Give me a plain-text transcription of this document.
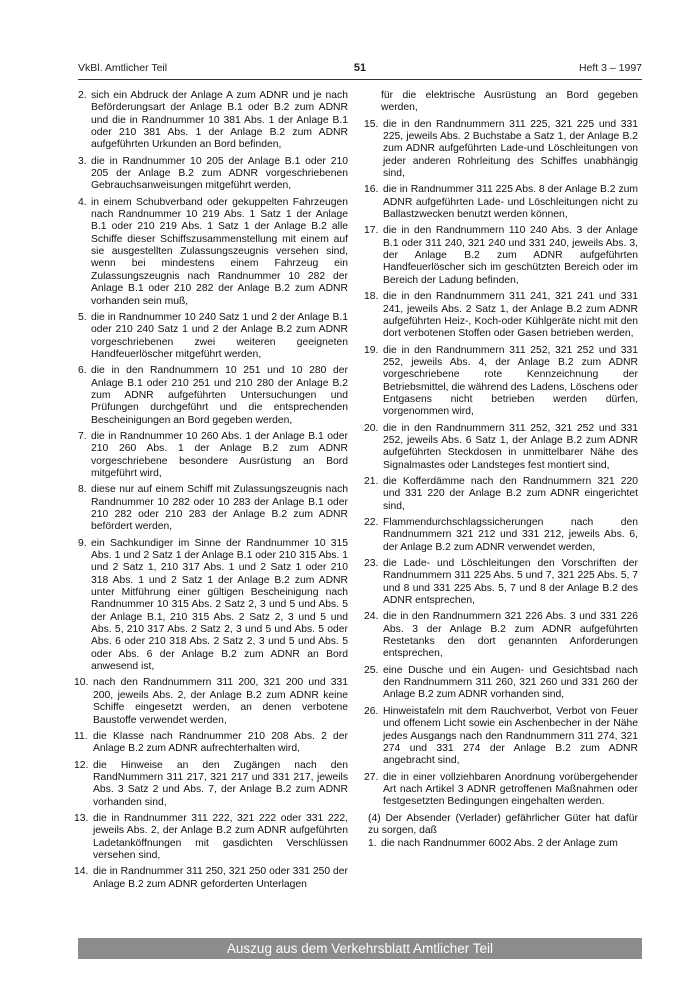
VkBl. Amtlicher Teil	51	Heft 3 – 1997
2. sich ein Abdruck der Anlage A zum ADNR und je nach Beförderungsart der Anlage B.1 oder B.2 zum ADNR und die in Randnummer 10 381 Abs. 1 der Anlage B.1 oder 210 381 Abs. 1 der Anlage B.2 zum ADNR aufgeführten Urkunden an Bord befinden,
3. die in Randnummer 10 205 der Anlage B.1 oder 210 205 der Anlage B.2 zum ADNR vorgeschriebenen Gebrauchsanweisungen mitgeführt werden,
4. in einem Schubverband oder gekuppelten Fahrzeugen nach Randnummer 10 219 Abs. 1 Satz 1 der Anlage B.1 oder 210 219 Abs. 1 Satz 1 der Anlage B.2 alle Schiffe dieser Schiffszusammenstellung mit einem auf sie ausgestellten Zulassungszeugnis versehen sind, wenn bei mindestens einem Fahrzeug ein Zulassungszeugnis nach Randnummer 10 282 der Anlage B.1 oder 210 282 der Anlage B.2 zum ADNR vorhanden sein muß,
5. die in Randnummer 10 240 Satz 1 und 2 der Anlage B.1 oder 210 240 Satz 1 und 2 der Anlage B.2 zum ADNR vorgeschriebenen zwei weiteren geeigneten Handfeuerlöscher mitgeführt werden,
6. die in den Randnummern 10 251 und 10 280 der Anlage B.1 oder 210 251 und 210 280 der Anlage B.2 zum ADNR aufgeführten Untersuchungen und Prüfungen durchgeführt und die entsprechenden Bescheinigungen an Bord gegeben werden,
7. die in Randnummer 10 260 Abs. 1 der Anlage B.1 oder 210 260 Abs. 1 der Anlage B.2 zum ADNR vorgeschriebene besondere Ausrüstung an Bord mitgeführt wird,
8. diese nur auf einem Schiff mit Zulassungszeugnis nach Randnummer 10 282 oder 10 283 der Anlage B.1 oder 210 282 oder 210 283 der Anlage B.2 zum ADNR befördert werden,
9. ein Sachkundiger im Sinne der Randnummer 10 315 Abs. 1 und 2 Satz 1 der Anlage B.1 oder 210 315 Abs. 1 und 2 Satz 1, 210 317 Abs. 1 und 2 Satz 1 oder 210 318 Abs. 1 und 2 Satz 1 der Anlage B.2 zum ADNR unter Mitführung einer gültigen Bescheinigung nach Randnummer 10 315 Abs. 2 Satz 2, 3 und 5 und Abs. 5 der Anlage B.1, 210 315 Abs. 2 Satz 2, 3 und 5 und Abs. 5, 210 317 Abs. 2 Satz 2, 3 und 5 und Abs. 5 oder Abs. 6 oder 210 318 Abs. 2 Satz 2, 3 und 5 und Abs. 5 oder Abs. 6 der Anlage B.2 zum ADNR an Bord anwesend ist,
10. nach den Randnummern 311 200, 321 200 und 331 200, jeweils Abs. 2, der Anlage B.2 zum ADNR keine Schiffe eingesetzt werden, an denen verbotene Baustoffe verwendet werden,
11. die Klasse nach Randnummer 210 208 Abs. 2 der Anlage B.2 zum ADNR aufrechterhalten wird,
12. die Hinweise an den Zugängen nach den RandNummern 311 217, 321 217 und 331 217, jeweils Abs. 3 Satz 2 und Abs. 7, der Anlage B.2 zum ADNR vorhanden sind,
13. die in Randnummer 311 222, 321 222 oder 331 222, jeweils Abs. 2, der Anlage B.2 zum ADNR aufgeführten Ladetanköffnungen mit gasdichten Verschlüssen versehen sind,
14. die in Randnummer 311 250, 321 250 oder 331 250 der Anlage B.2 zum ADNR geforderten Unterlagen
für die elektrische Ausrüstung an Bord gegeben werden,
15. die in den Randnummern 311 225, 321 225 und 331 225, jeweils Abs. 2 Buchstabe a Satz 1, der Anlage B.2 zum ADNR aufgeführten Lade-und Löschleitungen von jeder anderen Rohrleitung des Schiffes unabhängig sind,
16. die in Randnummer 311 225 Abs. 8 der Anlage B.2 zum ADNR aufgeführten Lade- und Löschleitungen nicht zu Ballastzwecken benutzt werden können,
17. die in den Randnummern 110 240 Abs. 3 der Anlage B.1 oder 311 240, 321 240 und 331 240, jeweils Abs. 3, der Anlage B.2 zum ADNR aufgeführten Handfeuerlöscher sich im geschützten Bereich oder im Bereich der Ladung befinden,
18. die in den Randnummern 311 241, 321 241 und 331 241, jeweils Abs. 2 Satz 1, der Anlage B.2 zum ADNR aufgeführten Heiz-, Koch-oder Kühlgeräte nicht mit den dort verbotenen Stoffen oder Gasen betrieben werden,
19. die in den Randnummern 311 252, 321 252 und 331 252, jeweils Abs. 4, der Anlage B.2 zum ADNR vorgeschriebene rote Kennzeichnung der Betriebsmittel, die während des Ladens, Löschens oder Entgasens nicht betrieben werden dürfen, vorgenommen wird,
20. die in den Randnummern 311 252, 321 252 und 331 252, jeweils Abs. 6 Satz 1, der Anlage B.2 zum ADNR aufgeführten Steckdosen in unmittelbarer Nähe des Signalmastes oder Landsteges fest montiert sind,
21. die Kofferdämme nach den Randnummern 321 220 und 331 220 der Anlage B.2 zum ADNR eingerichtet sind,
22. Flammendurchschlagssicherungen nach den Randnummern 321 212 und 331 212, jeweils Abs. 6, der Anlage B.2 zum ADNR verwendet werden,
23. die Lade- und Löschleitungen den Vorschriften der Randnummern 311 225 Abs. 5 und 7, 321 225 Abs. 5, 7 und 8 und 331 225 Abs. 5, 7 und 8 der Anlage B.2 des ADNR entsprechen,
24. die in den Randnummern 321 226 Abs. 3 und 331 226 Abs. 3 der Anlage B.2 zum ADNR aufgeführten Restetanks den dort genannten Anforderungen entsprechen,
25. eine Dusche und ein Augen- und Gesichtsbad nach den Randnummern 311 260, 321 260 und 331 260 der Anlage B.2 zum ADNR vorhanden sind,
26. Hinweistafeln mit dem Rauchverbot, Verbot von Feuer und offenem Licht sowie ein Aschenbecher in der Nähe jedes Ausgangs nach den Randnummern 311 274, 321 274 und 331 274 der Anlage B.2 zum ADNR angebracht sind,
27. die in einer vollziehbaren Anordnung vorübergehender Art nach Artikel 3 ADNR getroffenen Maßnahmen oder festgesetzten Bedingungen eingehalten werden.
(4) Der Absender (Verlader) gefährlicher Güter hat dafür zu sorgen, daß
1. die nach Randnummer 6002 Abs. 2 der Anlage zum
Auszug aus dem Verkehrsblatt Amtlicher Teil
